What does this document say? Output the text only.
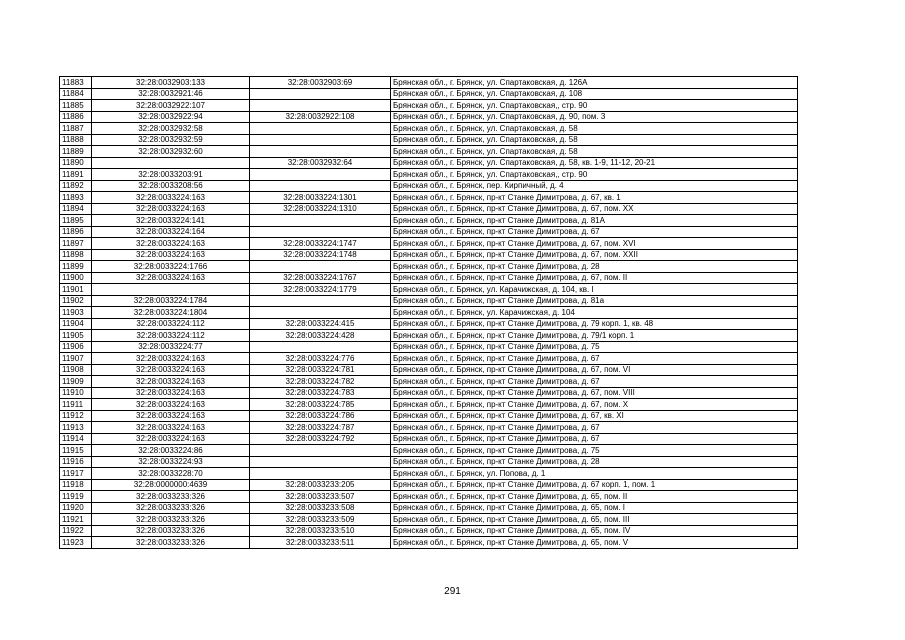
11883	32:28:0032903:133	32:28:0032903:69	Брянская обл., г. Брянск, ул. Спартаковская, д. 126А
11884	32:28:0032921:46		Брянская обл., г. Брянск, ул. Спартаковская, д. 108
11885	32:28:0032922:107		Брянская обл., г. Брянск, ул. Спартаковская,, стр. 90
11886	32:28:0032922:94	32:28:0032922:108	Брянская обл., г. Брянск, ул. Спартаковская, д. 90, пом. 3
11887	32:28:0032932:58		Брянская обл., г. Брянск, ул. Спартаковская, д. 58
11888	32:28:0032932:59		Брянская обл., г. Брянск, ул. Спартаковская, д. 58
11889	32:28:0032932:60		Брянская обл., г. Брянск, ул. Спартаковская, д. 58
11890		32:28:0032932:64	Брянская обл., г. Брянск, ул. Спартаковская, д. 58, кв. 1-9, 11-12, 20-21
11891	32:28:0033203:91		Брянская обл., г. Брянск, ул. Спартаковская,, стр. 90
11892	32:28:0033208:56		Брянская обл., г. Брянск, пер. Кирпичный, д. 4
11893	32:28:0033224:163	32:28:0033224:1301	Брянская обл., г. Брянск, пр-кт Станке Димитрова, д. 67, кв. 1
11894	32:28:0033224:163	32:28:0033224:1310	Брянская обл., г. Брянск, пр-кт Станке Димитрова, д. 67, пом. XX
11895	32:28:0033224:141		Брянская обл., г. Брянск, пр-кт Станке Димитрова, д. 81А
11896	32:28:0033224:164		Брянская обл., г. Брянск, пр-кт Станке Димитрова, д. 67
11897	32:28:0033224:163	32:28:0033224:1747	Брянская обл., г. Брянск, пр-кт Станке Димитрова, д. 67, пом. XVI
11898	32:28:0033224:163	32:28:0033224:1748	Брянская обл., г. Брянск, пр-кт Станке Димитрова, д. 67, пом. XXII
11899	32:28:0033224:1766		Брянская обл., г. Брянск, пр-кт Станке Димитрова, д. 28
11900	32:28:0033224:163	32:28:0033224:1767	Брянская обл., г. Брянск, пр-кт Станке Димитрова, д. 67, пом. II
11901		32:28:0033224:1779	Брянская обл., г. Брянск, ул. Карачижская, д. 104, кв. I
11902	32:28:0033224:1784		Брянская обл., г. Брянск, пр-кт Станке Димитрова, д. 81а
11903	32:28:0033224:1804		Брянская обл., г. Брянск, ул. Карачижская, д. 104
11904	32:28:0033224:112	32:28:0033224:415	Брянская обл., г. Брянск, пр-кт Станке Димитрова, д. 79 корп. 1, кв. 48
11905	32:28:0033224:112	32:28:0033224:428	Брянская обл., г. Брянск, пр-кт Станке Димитрова, д. 79/1 корп. 1
11906	32:28:0033224:77		Брянская обл., г. Брянск, пр-кт Станке Димитрова, д. 75
11907	32:28:0033224:163	32:28:0033224:776	Брянская обл., г. Брянск, пр-кт Станке Димитрова, д. 67
11908	32:28:0033224:163	32:28:0033224:781	Брянская обл., г. Брянск, пр-кт Станке Димитрова, д. 67, пом. VI
11909	32:28:0033224:163	32:28:0033224:782	Брянская обл., г. Брянск, пр-кт Станке Димитрова, д. 67
11910	32:28:0033224:163	32:28:0033224:783	Брянская обл., г. Брянск, пр-кт Станке Димитрова, д. 67, пом. VIII
11911	32:28:0033224:163	32:28:0033224:785	Брянская обл., г. Брянск, пр-кт Станке Димитрова, д. 67, пом. X
11912	32:28:0033224:163	32:28:0033224:786	Брянская обл., г. Брянск, пр-кт Станке Димитрова, д. 67, кв. XI
11913	32:28:0033224:163	32:28:0033224:787	Брянская обл., г. Брянск, пр-кт Станке Димитрова, д. 67
11914	32:28:0033224:163	32:28:0033224:792	Брянская обл., г. Брянск, пр-кт Станке Димитрова, д. 67
11915	32:28:0033224:86		Брянская обл., г. Брянск, пр-кт Станке Димитрова, д. 75
11916	32:28:0033224:93		Брянская обл., г. Брянск, пр-кт Станке Димитрова, д. 28
11917	32:28:0033228:70		Брянская обл., г. Брянск, ул. Попова, д. 1
11918	32:28:0000000:4639	32:28:0033233:205	Брянская обл., г. Брянск, пр-кт Станке Димитрова, д. 67 корп. 1, пом. 1
11919	32:28:0033233:326	32:28:0033233:507	Брянская обл., г. Брянск, пр-кт Станке Димитрова, д. 65, пом. II
11920	32:28:0033233:326	32:28:0033233:508	Брянская обл., г. Брянск, пр-кт Станке Димитрова, д. 65, пом. I
11921	32:28:0033233:326	32:28:0033233:509	Брянская обл., г. Брянск, пр-кт Станке Димитрова, д. 65, пом. III
11922	32:28:0033233:326	32:28:0033233:510	Брянская обл., г. Брянск, пр-кт Станке Димитрова, д. 65, пом. IV
11923	32:28:0033233:326	32:28:0033233:511	Брянская обл., г. Брянск, пр-кт Станке Димитрова, д. 65, пом. V
291
